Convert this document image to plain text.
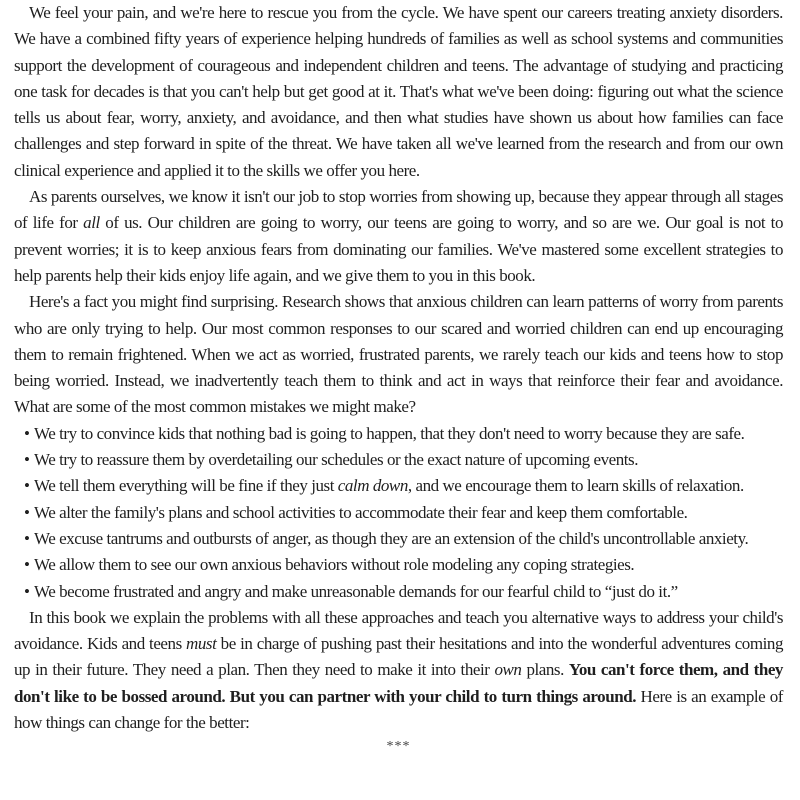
We feel your pain, and we're here to rescue you from the cycle. We have spent our careers treating anxiety disorders. We have a combined fifty years of experience helping hundreds of families as well as school systems and communities support the development of courageous and independent children and teens. The advantage of studying and practicing one task for decades is that you can't help but get good at it. That's what we've been doing: figuring out what the science tells us about fear, worry, anxiety, and avoidance, and then what studies have shown us about how families can face challenges and step forward in spite of the threat. We have taken all we've learned from the research and from our own clinical experience and applied it to the skills we offer you here.

As parents ourselves, we know it isn't our job to stop worries from showing up, because they appear through all stages of life for all of us. Our children are going to worry, our teens are going to worry, and so are we. Our goal is not to prevent worries; it is to keep anxious fears from dominating our families. We've mastered some excellent strategies to help parents help their kids enjoy life again, and we give them to you in this book.

Here's a fact you might find surprising. Research shows that anxious children can learn patterns of worry from parents who are only trying to help. Our most common responses to our scared and worried children can end up encouraging them to remain frightened. When we act as worried, frustrated parents, we rarely teach our kids and teens how to stop being worried. Instead, we inadvertently teach them to think and act in ways that reinforce their fear and avoidance. What are some of the most common mistakes we might make?

• We try to convince kids that nothing bad is going to happen, that they don't need to worry because they are safe.
• We try to reassure them by overdetailing our schedules or the exact nature of upcoming events.
• We tell them everything will be fine if they just calm down, and we encourage them to learn skills of relaxation.
• We alter the family's plans and school activities to accommodate their fear and keep them comfortable.
• We excuse tantrums and outbursts of anger, as though they are an extension of the child's uncontrollable anxiety.
• We allow them to see our own anxious behaviors without role modeling any coping strategies.
• We become frustrated and angry and make unreasonable demands for our fearful child to “just do it.”

In this book we explain the problems with all these approaches and teach you alternative ways to address your child's avoidance. Kids and teens must be in charge of pushing past their hesitations and into the wonderful adventures coming up in their future. They need a plan. Then they need to make it into their own plans. You can't force them, and they don't like to be bossed around. But you can partner with your child to turn things around. Here is an example of how things can change for the better:

***
